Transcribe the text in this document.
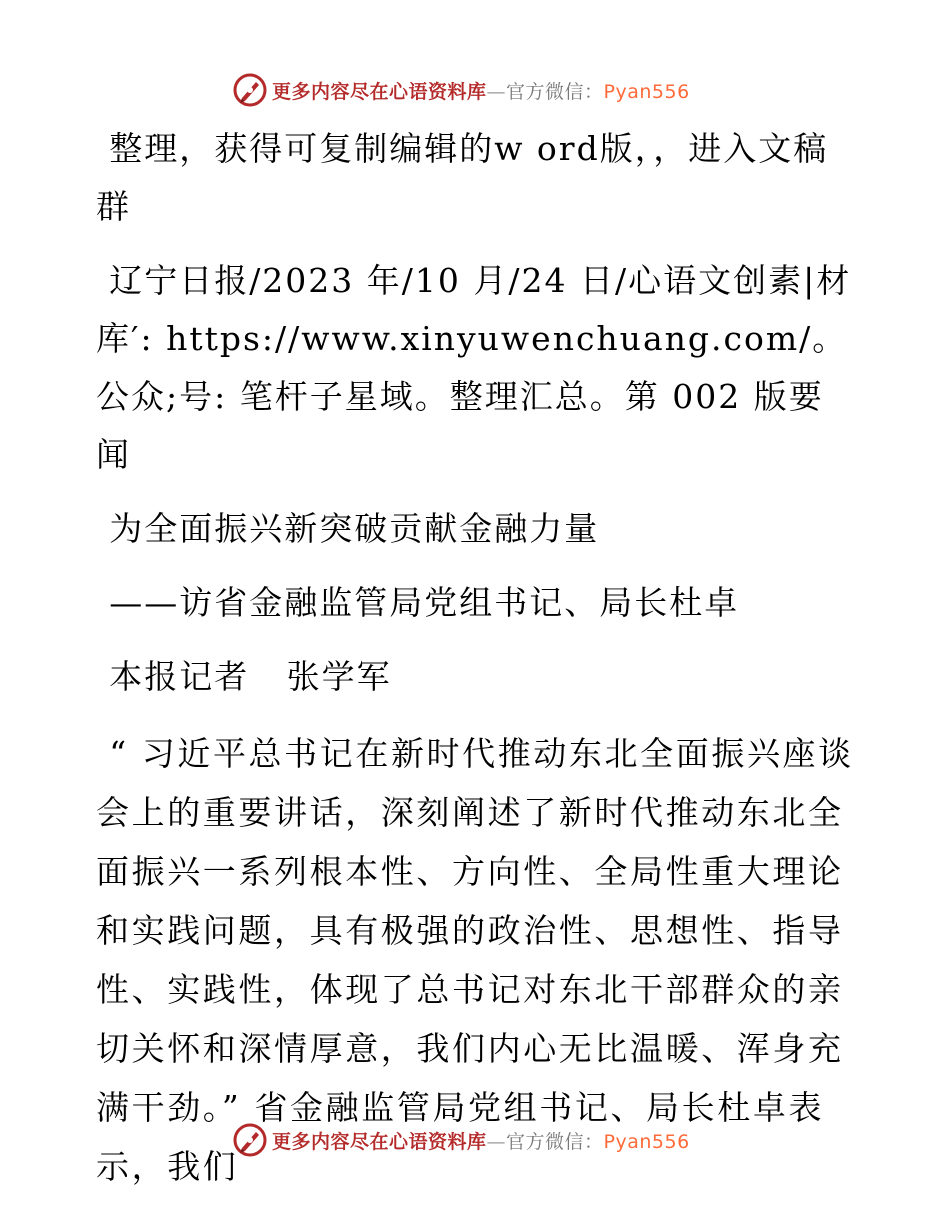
更多内容尽在心语资料库—官方微信：Pyan556

整理，获得可复制编辑的w ord版，，进入文稿群

辽宁日报/2023 年/10 月/24 日/心语文创素|材库′: https://www.xinyuwenchuang.com/。公众;号: 笔杆子星域。整理汇总。第 002 版要闻

为全面振兴新突破贡献金融力量

——访省金融监管局党组书记、局长杜卓

本报记者   张学军

“ 习近平总书记在新时代推动东北全面振兴座谈会上的重要讲话，深刻阐述了新时代推动东北全面振兴一系列根本性、方向性、全局性重大理论和实践问题，具有极强的政治性、思想性、指导性、实践性，体现了总书记对东北干部群众的亲切关怀和深情厚意，我们内心无比温暖、浑身充满干劲。” 省金融监管局党组书记、局长杜卓表示，我们

更多内容尽在心语资料库—官方微信：Pyan556
